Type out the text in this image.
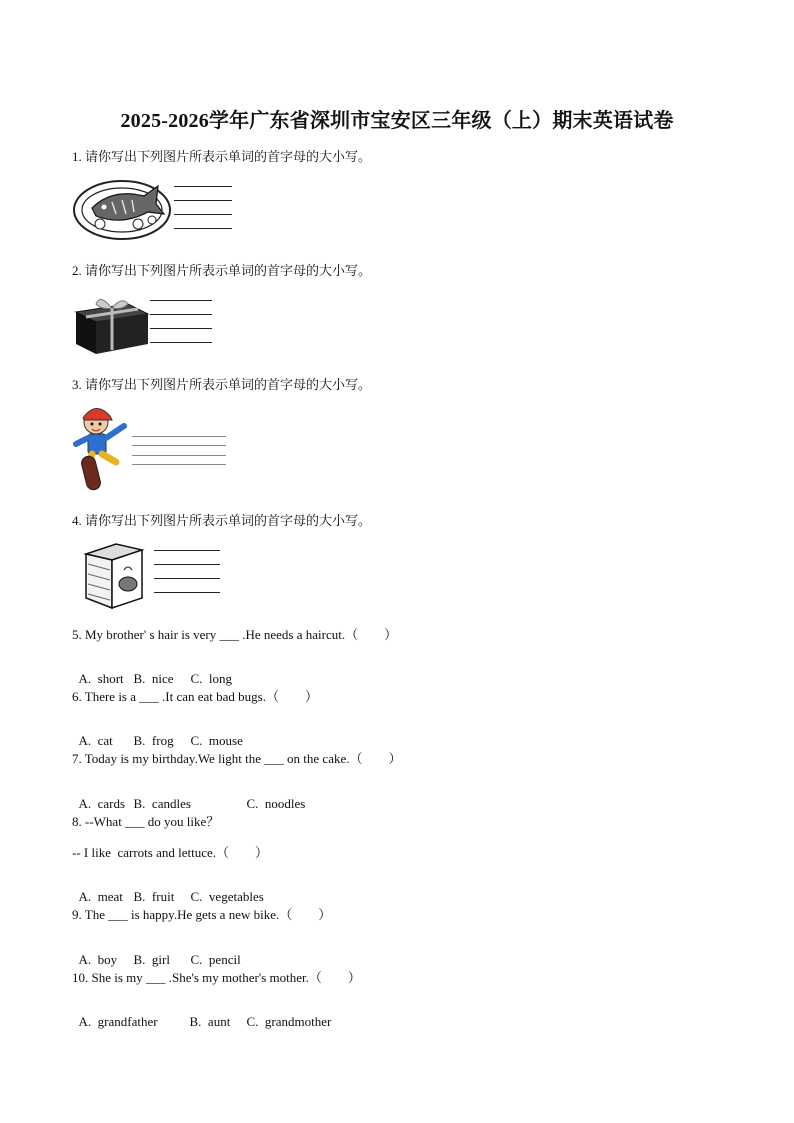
2025-2026学年广东省深圳市宝安区三年级（上）期末英语试卷
1. 请你写出下列图片所表示单词的首字母的大小写。
2. 请你写出下列图片所表示单词的首字母的大小写。
3. 请你写出下列图片所表示单词的首字母的大小写。
4. 请你写出下列图片所表示单词的首字母的大小写。
5. My brother' s hair is very ___ .He needs a haircut.（　　）

A.  short B.  nice C.  long

6. There is a ___ .It can eat bad bugs.（　　）

A.  cat B.  frog C.  mouse

7. Today is my birthday.We light the ___ on the cake.（　　）

A.  cards B.  candles	C.  noodles

8. --What ___ do you like？
-- I like  carrots and lettuce.（　　）

A.  meat B.  fruit C.  vegetables

9. The ___ is happy.He gets a new bike.（　　）

A.  boy B.  girl C.  pencil

10. She is my ___ .She's my mother's mother.（　　）

A.  grandfather B.  aunt C.  grandmother
